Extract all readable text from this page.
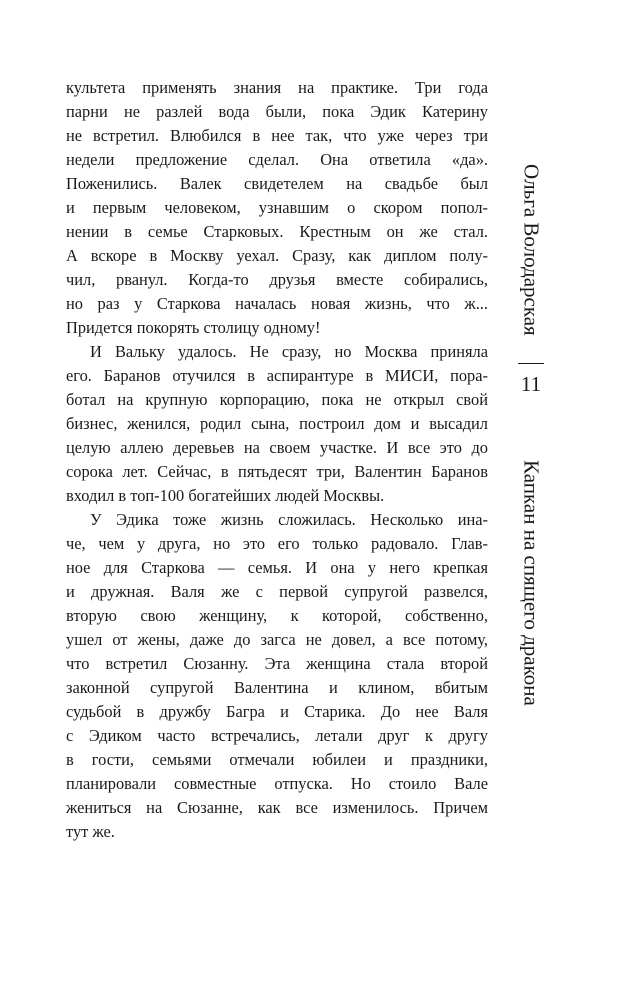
культета применять знания на практике. Три года
парни не разлей вода были, пока Эдик Катерину
не встретил. Влюбился в нее так, что уже через три
недели предложение сделал. Она ответила «да».
Поженились. Валек свидетелем на свадьбе был
и первым человеком, узнавшим о скором попол-
нении в семье Старковых. Крестным он же стал.
А вскоре в Москву уехал. Сразу, как диплом полу-
чил, рванул. Когда-то друзья вместе собирались,
но раз у Старкова началась новая жизнь, что ж...
Придется покорять столицу одному!
И Вальку удалось. Не сразу, но Москва приняла
его. Баранов отучился в аспирантуре в МИСИ, пора-
ботал на крупную корпорацию, пока не открыл свой
бизнес, женился, родил сына, построил дом и высадил
целую аллею деревьев на своем участке. И все это до
сорока лет. Сейчас, в пятьдесят три, Валентин Баранов
входил в топ-100 богатейших людей Москвы.
У Эдика тоже жизнь сложилась. Несколько ина-
че, чем у друга, но это его только радовало. Глав-
ное для Старкова — семья. И она у него крепкая
и дружная. Валя же с первой супругой развелся,
вторую свою женщину, к которой, собственно,
ушел от жены, даже до загса не довел, а все потому,
что встретил Сюзанну. Эта женщина стала второй
законной супругой Валентина и клином, вбитым
судьбой в дружбу Багра и Старика. До нее Валя
с Эдиком часто встречались, летали друг к другу
в гости, семьями отмечали юбилеи и праздники,
планировали совместные отпуска. Но стоило Вале
жениться на Сюзанне, как все изменилось. Причем
тут же.
Ольга Володарская
11
Капкан на спящего дракона
